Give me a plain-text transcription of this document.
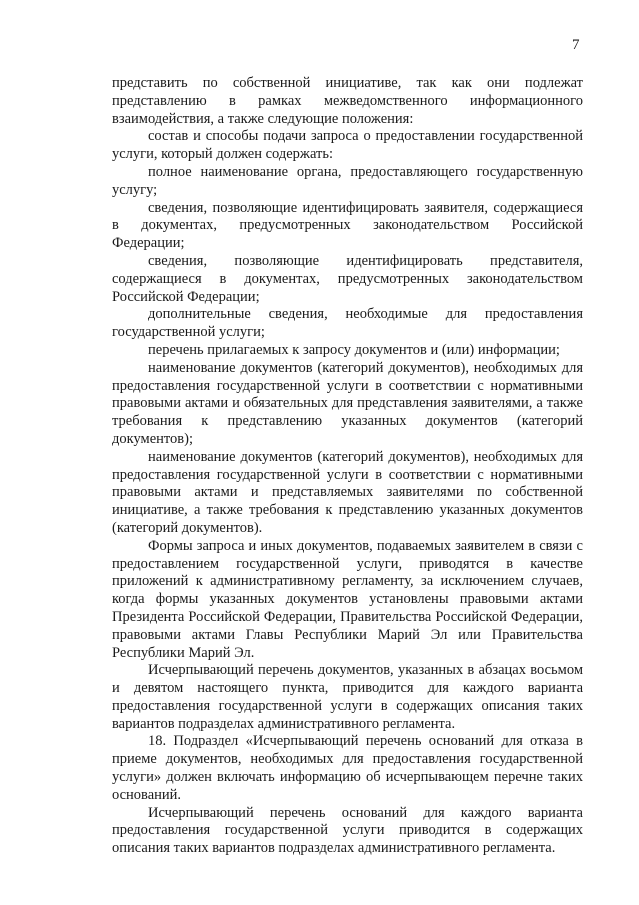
7

представить по собственной инициативе, так как они подлежат представлению в рамках межведомственного информационного взаимодействия, а также следующие положения:

состав и способы подачи запроса о предоставлении государственной услуги, который должен содержать:

полное наименование органа, предоставляющего государственную услугу;

сведения, позволяющие идентифицировать заявителя, содержащиеся в документах, предусмотренных законодательством Российской Федерации;

сведения, позволяющие идентифицировать представителя, содержащиеся в документах, предусмотренных законодательством Российской Федерации;

дополнительные сведения, необходимые для предоставления государственной услуги;

перечень прилагаемых к запросу документов и (или) информации;

наименование документов (категорий документов), необходимых для предоставления государственной услуги в соответствии с нормативными правовыми актами и обязательных для представления заявителями, а также требования к представлению указанных документов (категорий документов);

наименование документов (категорий документов), необходимых для предоставления государственной услуги в соответствии с нормативными правовыми актами и представляемых заявителями по собственной инициативе, а также требования к представлению указанных документов (категорий документов).

Формы запроса и иных документов, подаваемых заявителем в связи с предоставлением государственной услуги, приводятся в качестве приложений к административному регламенту, за исключением случаев, когда формы указанных документов установлены правовыми актами Президента Российской Федерации, Правительства Российской Федерации, правовыми актами Главы Республики Марий Эл или Правительства Республики Марий Эл.

Исчерпывающий перечень документов, указанных в абзацах восьмом и девятом настоящего пункта, приводится для каждого варианта предоставления государственной услуги в содержащих описания таких вариантов подразделах административного регламента.

18. Подраздел «Исчерпывающий перечень оснований для отказа в приеме документов, необходимых для предоставления государственной услуги» должен включать информацию об исчерпывающем перечне таких оснований.

Исчерпывающий перечень оснований для каждого варианта предоставления государственной услуги приводится в содержащих описания таких вариантов подразделах административного регламента.
